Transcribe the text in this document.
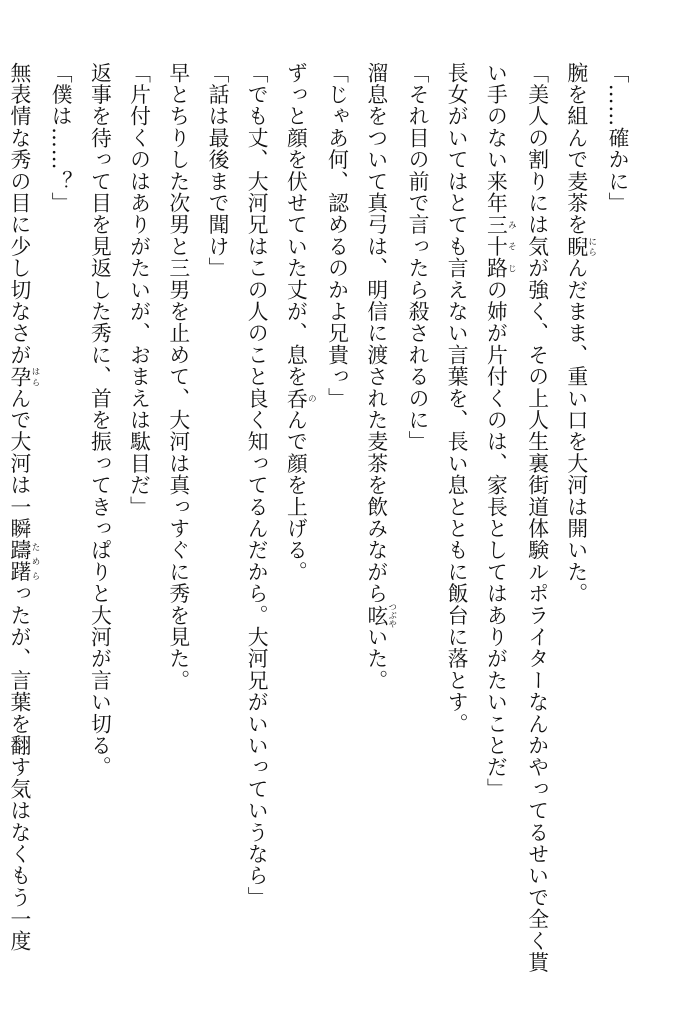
「……確かに」
腕を組んで麦茶を睨 にらんだまま、重い口を大河は開いた。
「美人の割りには気が強く、その上人生裏街道体験ルポライターなんかやってるせいで全く貰
い手のない来年三十路 みそじの姉が片付くのは、家長としてはありがたいことだ」
長女がいてはとても言えない言葉を、長い息とともに飯台に落とす。
「それ目の前で言ったら殺されるのに」
溜息をついて真弓は、明信に渡された麦茶を飲みながら呟 つぶやいた。
「じゃあ何、認めるのかよ兄貴っ」
ずっと顔を伏せていた丈が、息を呑 のんで顔を上げる。
「でも丈、大河兄はこの人のこと良く知ってるんだから。大河兄がいいっていうなら」
「話は最後まで聞け」
早とちりした次男と三男を止めて、大河は真っすぐに秀を見た。
「片付くのはありがたいが、おまえは駄目だ」
返事を待って目を見返した秀に、首を振ってきっぱりと大河が言い切る。
「僕は……？」
無表情な秀の目に少し切なさが孕 はらんで大河は一瞬躊躇 ためらったが、言葉を翻す気はなくもう一度
